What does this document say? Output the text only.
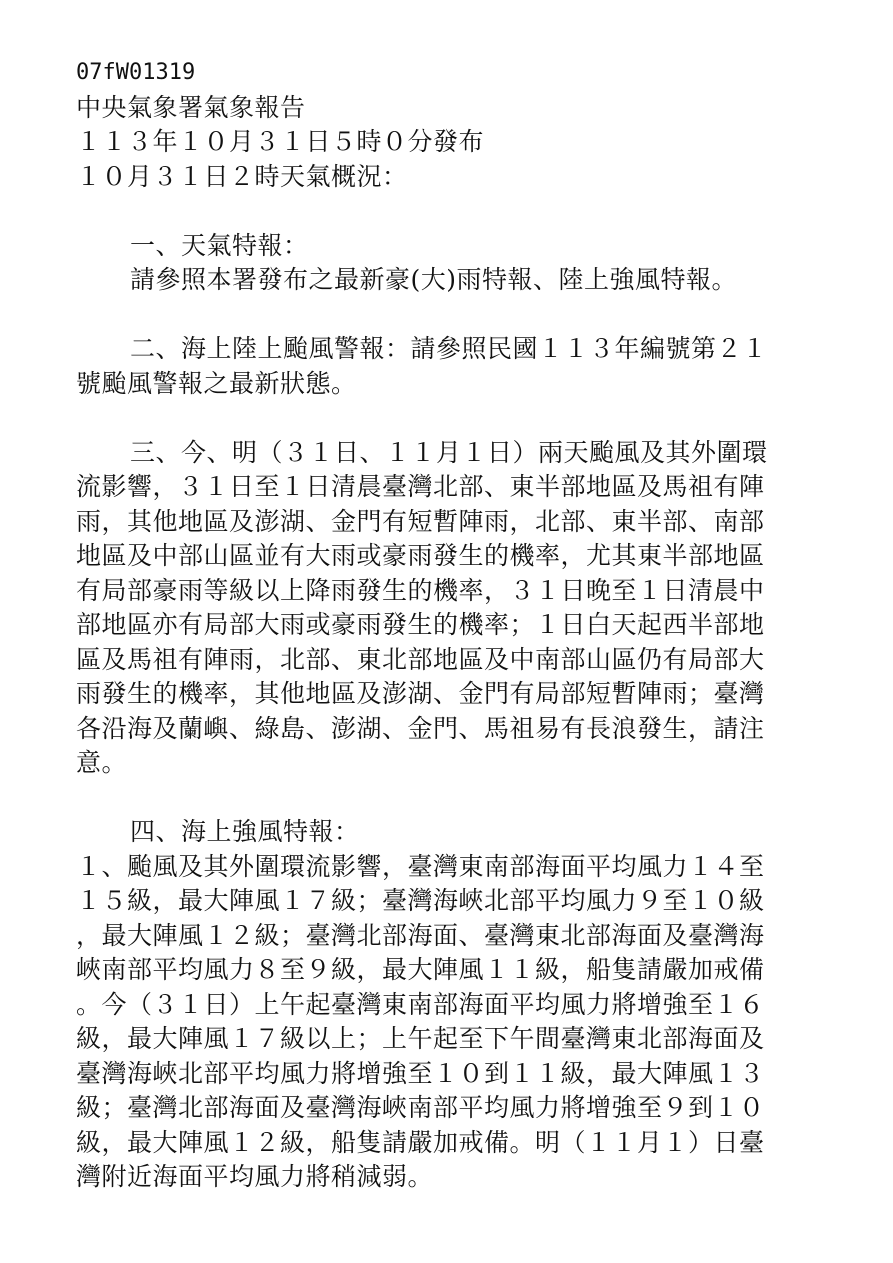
07fW01319
中央氣象署氣象報告
１１３年１０月３１日５時０分發布
１０月３１日２時天氣概況：
一、天氣特報：
請參照本署發布之最新豪(大)雨特報、陸上強風特報。
二、海上陸上颱風警報：請參照民國１１３年編號第２１
號颱風警報之最新狀態。
三、今、明（３１日、１１月１日）兩天颱風及其外圍環
流影響，３１日至１日清晨臺灣北部、東半部地區及馬祖有陣
雨，其他地區及澎湖、金門有短暫陣雨，北部、東半部、南部
地區及中部山區並有大雨或豪雨發生的機率，尤其東半部地區
有局部豪雨等級以上降雨發生的機率，３１日晚至１日清晨中
部地區亦有局部大雨或豪雨發生的機率；１日白天起西半部地
區及馬祖有陣雨，北部、東北部地區及中南部山區仍有局部大
雨發生的機率，其他地區及澎湖、金門有局部短暫陣雨；臺灣
各沿海及蘭嶼、綠島、澎湖、金門、馬祖易有長浪發生，請注
意。
四、海上強風特報：
１、颱風及其外圍環流影響，臺灣東南部海面平均風力１４至
１５級，最大陣風１７級；臺灣海峽北部平均風力９至１０級
，最大陣風１２級；臺灣北部海面、臺灣東北部海面及臺灣海
峽南部平均風力８至９級，最大陣風１１級，船隻請嚴加戒備
。今（３１日）上午起臺灣東南部海面平均風力將增強至１６
級，最大陣風１７級以上；上午起至下午間臺灣東北部海面及
臺灣海峽北部平均風力將增強至１０到１１級，最大陣風１３
級；臺灣北部海面及臺灣海峽南部平均風力將增強至９到１０
級，最大陣風１２級，船隻請嚴加戒備。明（１１月１）日臺
灣附近海面平均風力將稍減弱。
